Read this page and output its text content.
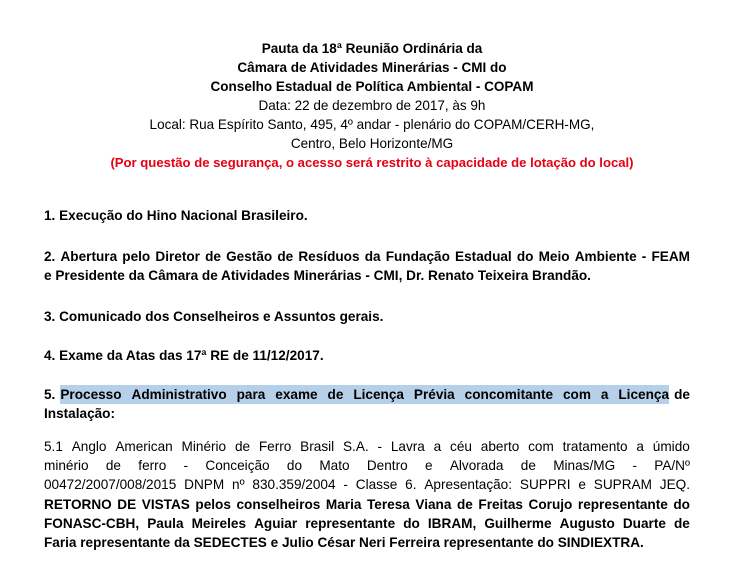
Pauta da 18ª Reunião Ordinária da
Câmara de Atividades Minerárias - CMI do
Conselho Estadual de Política Ambiental - COPAM
Data: 22 de dezembro de 2017, às 9h
Local: Rua Espírito Santo, 495, 4º andar - plenário do COPAM/CERH-MG,
Centro, Belo Horizonte/MG
(Por questão de segurança, o acesso será restrito à capacidade de lotação do local)
1. Execução do Hino Nacional Brasileiro.
2. Abertura pelo Diretor de Gestão de Resíduos da Fundação Estadual do Meio Ambiente - FEAM
e Presidente da Câmara de Atividades Minerárias - CMI, Dr. Renato Teixeira Brandão.
3. Comunicado dos Conselheiros e Assuntos gerais.
4. Exame da Atas das 17ª RE de 11/12/2017.
5. Processo Administrativo para exame de Licença Prévia concomitante com a Licença de
Instalação:
5.1 Anglo American Minério de Ferro Brasil S.A. - Lavra a céu aberto com tratamento a úmido
minério de ferro - Conceição do Mato Dentro e Alvorada de Minas/MG - PA/Nº
00472/2007/008/2015 DNPM nº 830.359/2004 - Classe 6. Apresentação: SUPPRI e SUPRAM JEQ.
RETORNO DE VISTAS pelos conselheiros Maria Teresa Viana de Freitas Corujo representante do
FONASC-CBH, Paula Meireles Aguiar representante do IBRAM, Guilherme Augusto Duarte de
Faria representante da SEDECTES e Julio César Neri Ferreira representante do SINDIEXTRA.
